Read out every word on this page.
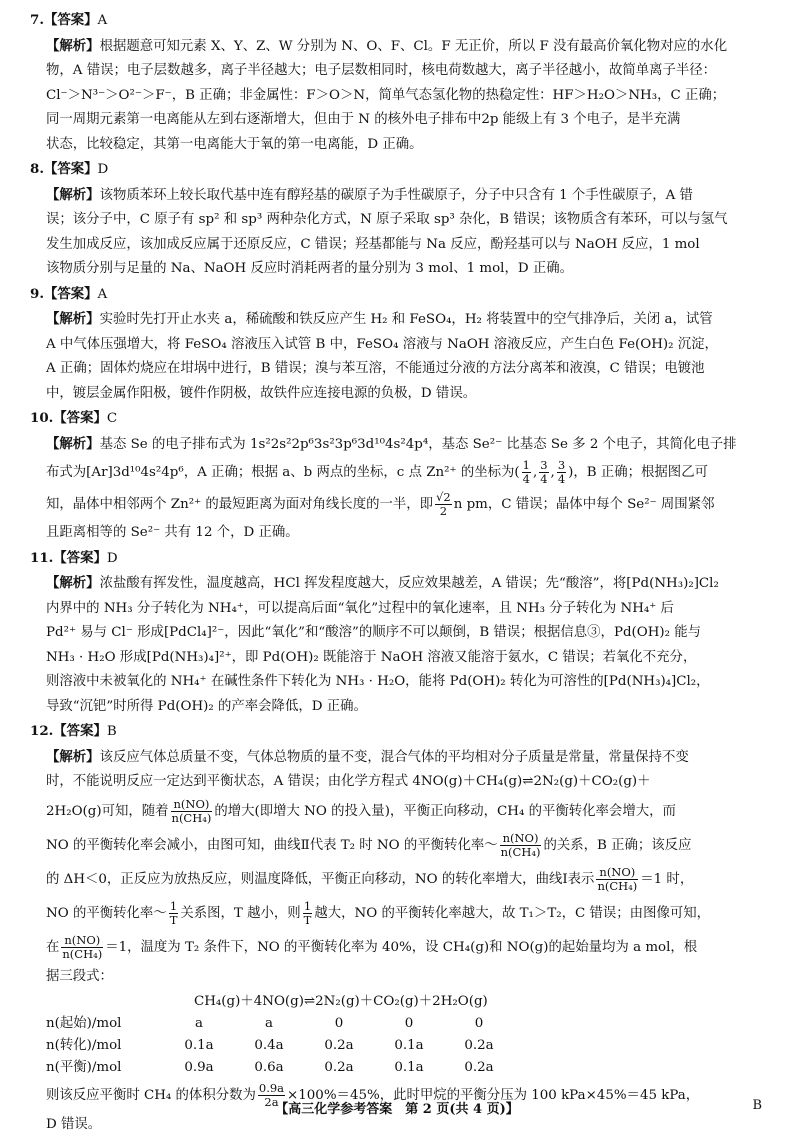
7.【答案】A
【解析】根据题意可知元素 X、Y、Z、W 分别为 N、O、F、Cl。F 无正价，所以 F 没有最高价氧化物对应的水化
物，A 错误；电子层数越多，离子半径越大；电子层数相同时，核电荷数越大，离子半径越小，故简单离子半径：
Cl⁻＞N³⁻＞O²⁻＞F⁻，B 正确；非金属性：F＞O＞N，简单气态氢化物的热稳定性：HF＞H₂O＞NH₃，C 正确；
同一周期元素第一电离能从左到右逐渐增大，但由于 N 的核外电子排布中2p 能级上有 3 个电子，是半充满
状态，比较稳定，其第一电离能大于氧的第一电离能，D 正确。
8.【答案】D
【解析】该物质苯环上较长取代基中连有醇羟基的碳原子为手性碳原子，分子中只含有 1 个手性碳原子，A 错
误；该分子中，C 原子有 sp² 和 sp³ 两种杂化方式，N 原子采取 sp³ 杂化，B 错误；该物质含有苯环，可以与氢气
发生加成反应，该加成反应属于还原反应，C 错误；羟基都能与 Na 反应，酚羟基可以与 NaOH 反应，1 mol
该物质分别与足量的 Na、NaOH 反应时消耗两者的量分别为 3 mol、1 mol，D 正确。
9.【答案】A
【解析】实验时先打开止水夹 a，稀硫酸和铁反应产生 H₂ 和 FeSO₄，H₂ 将装置中的空气排净后，关闭 a，试管
A 中气体压强增大，将 FeSO₄ 溶液压入试管 B 中，FeSO₄ 溶液与 NaOH 溶液反应，产生白色 Fe(OH)₂ 沉淀，
A 正确；固体灼烧应在坩埚中进行，B 错误；溴与苯互溶，不能通过分液的方法分离苯和液溴，C 错误；电镀池
中，镀层金属作阳极，镀件作阴极，故铁件应连接电源的负极，D 错误。
10.【答案】C
【解析】基态 Se 的电子排布式为 1s²2s²2p⁶3s²3p⁶3d¹⁰4s²4p⁴，基态 Se²⁻ 比基态 Se 多 2 个电子，其简化电子排
布式为[Ar]3d¹⁰4s²4p⁶，A 正确；根据 a、b 两点的坐标，c 点 Zn²⁺ 的坐标为( $\frac{1}{4}$ , $\frac{3}{4}$ , $\frac{3}{4}$ )，B 正确；根据图乙可
知，晶体中相邻两个 Zn²⁺ 的最短距离为面对角线长度的一半，即 $\frac{√2}{2}$ n pm，C 错误；晶体中每个 Se²⁻ 周围紧邻
且距离相等的 Se²⁻ 共有 12 个，D 正确。
11.【答案】D
【解析】浓盐酸有挥发性，温度越高，HCl 挥发程度越大，反应效果越差，A 错误；先“酸溶”，将[Pd(NH₃)₂]Cl₂
内界中的 NH₃ 分子转化为 NH₄⁺，可以提高后面“氧化”过程中的氧化速率，且 NH₃ 分子转化为 NH₄⁺ 后
Pd²⁺ 易与 Cl⁻ 形成[PdCl₄]²⁻，因此“氧化”和“酸溶”的顺序不可以颠倒，B 错误；根据信息③，Pd(OH)₂ 能与
NH₃ · H₂O 形成[Pd(NH₃)₄]²⁺，即 Pd(OH)₂ 既能溶于 NaOH 溶液又能溶于氨水，C 错误；若氧化不充分，
则溶液中未被氧化的 NH₄⁺ 在碱性条件下转化为 NH₃ · H₂O，能将 Pd(OH)₂ 转化为可溶性的[Pd(NH₃)₄]Cl₂，
导致“沉钯”时所得 Pd(OH)₂ 的产率会降低，D 正确。
12.【答案】B
【解析】该反应气体总质量不变，气体总物质的量不变，混合气体的平均相对分子质量是常量，常量保持不变
时，不能说明反应一定达到平衡状态，A 错误；由化学方程式 4NO(g)＋CH₄(g)⇌2N₂(g)＋CO₂(g)＋
2H₂O(g)可知，随着 $\frac{n(NO)}{\text{n(CH₄)}}$ 的增大(即增大 NO 的投入量)，平衡正向移动，CH₄ 的平衡转化率会增大，而
NO 的平衡转化率会减小，由图可知，曲线Ⅱ代表 T₂ 时 NO 的平衡转化率～ $\frac{n(NO)}{\text{n(CH₄)}}$ 的关系，B 正确；该反应
的 ΔH＜0，正反应为放热反应，则温度降低，平衡正向移动，NO 的转化率增大，曲线Ⅰ表示 $\frac{n(NO)}{\text{n(CH₄)}} =1$ 时，
NO 的平衡转化率～ $\frac{1}{T}$ 关系图，T 越小，则 $\frac{1}{T}$ 越大，NO 的平衡转化率越大，故 T₁＞T₂，C 错误；由图像可知，
在 $\frac{n(NO)}{\text{n(CH₄)}} =1$，温度为 T₂ 条件下，NO 的平衡转化率为 40%，设 CH₄(g)和 NO(g)的起始量均为 a mol，根
据三段式：
CH₄(g)＋4NO(g)⇌2N₂(g)＋CO₂(g)＋2H₂O(g)
n(起始)/mol	a	a	0	0	0
n(转化)/mol	0.1a	0.4a	0.2a	0.1a	0.2a
n(平衡)/mol	0.9a	0.6a	0.2a	0.1a	0.2a
则该反应平衡时 CH₄ 的体积分数为 $\frac{0.9a}{2a} \times 100\%=45\%$，此时甲烷的平衡分压为 100 kPa×45%＝45 kPa，
D 错误。
【高三化学参考答案　第 2 页(共 4 页)】	B
